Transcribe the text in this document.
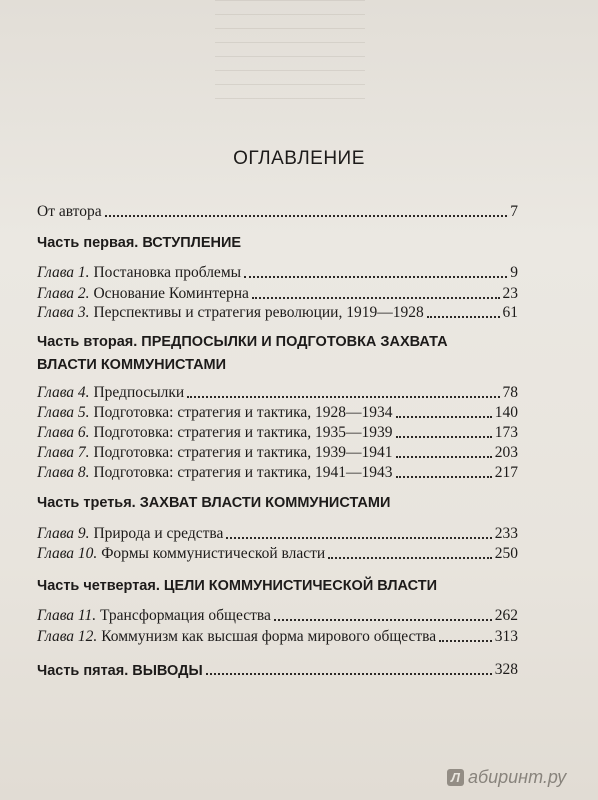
ОГЛАВЛЕНИЕ
От автора	7
Часть первая. ВСТУПЛЕНИЕ
Глава 1. Постановка проблемы	9
Глава 2. Основание Коминтерна	23
Глава 3. Перспективы и стратегия революции, 1919—1928	61
Часть вторая. ПРЕДПОСЫЛКИ И ПОДГОТОВКА ЗАХВАТА
ВЛАСТИ КОММУНИСТАМИ
Глава 4. Предпосылки	78
Глава 5. Подготовка: стратегия и тактика, 1928—1934	140
Глава 6. Подготовка: стратегия и тактика, 1935—1939	173
Глава 7. Подготовка: стратегия и тактика, 1939—1941	203
Глава 8. Подготовка: стратегия и тактика, 1941—1943	217
Часть третья. ЗАХВАТ ВЛАСТИ КОММУНИСТАМИ
Глава 9. Природа и средства	233
Глава 10. Формы коммунистической власти	250
Часть четвертая. ЦЕЛИ КОММУНИСТИЧЕСКОЙ ВЛАСТИ
Глава 11. Трансформация общества	262
Глава 12. Коммунизм как высшая форма мирового общества	313
Часть пятая. ВЫВОДЫ	328
Л абиринт.ру
